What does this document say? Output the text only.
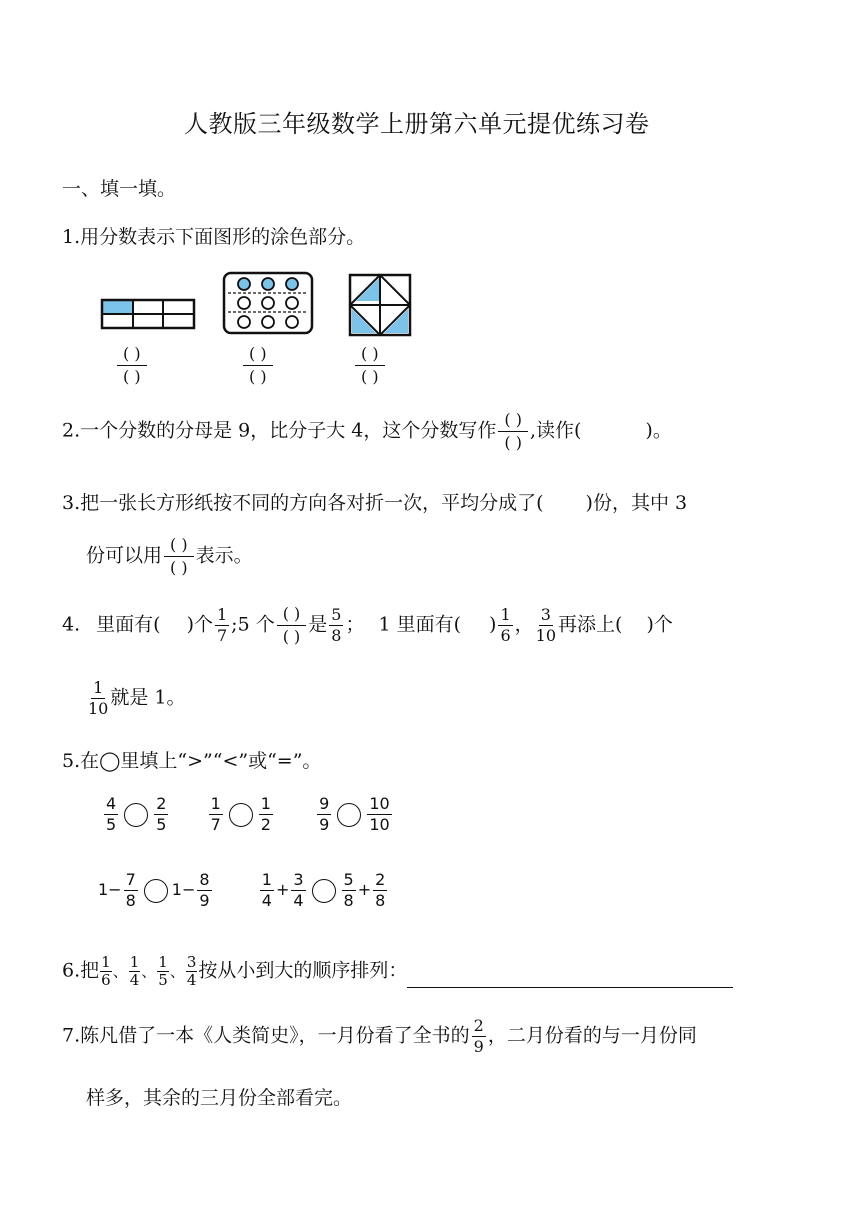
人教版三年级数学上册第六单元提优练习卷
一、填一填。
1.用分数表示下面图形的涂色部分。
$\frac{( )}{( )}$	$\frac{( )}{( )}$	$\frac{( )}{( )}$
2.一个分数的分母是 9，比分子大 4，这个分数写作 $\frac{( )}{( )}$ ,读作(	)。
3.把一张长方形纸按不同的方向各对折一次，平均分成了( )份，其中 3
份可以用 $\frac{( )}{( )}$ 表示。
4. 里面有( )个 $\frac{1}{7}$ ;5 个 $\frac{( )}{( )}$ 是 $\frac{5}{8}$ ； 1 里面有( ) $\frac{1}{6}$ ， $\frac{3}{10}$ 再添上( )个
$\frac{1}{10}$ 就是 1。
5.在◯里填上“>”“<”或“=”。
$\frac{4}{5} \frac{2}{5}$
	$\frac{1}{7} \frac{1}{2}$
	$\frac{9}{9} \frac{10}{10}$
$1- \frac{7}{8} 1- \frac{8}{9}$
	$\frac{1}{4} + \frac{3}{4} \frac{5}{8} + \frac{2}{8}$
6.把 $\frac{1}{6}$ 、 $\frac{1}{4}$ 、 $\frac{1}{5}$ 、 $\frac{3}{4}$ 按从小到大的顺序排列：
7.陈凡借了一本《人类简史》，一月份看了全书的 $\frac{2}{9}$ ，二月份看的与一月份同
样多，其余的三月份全部看完。
